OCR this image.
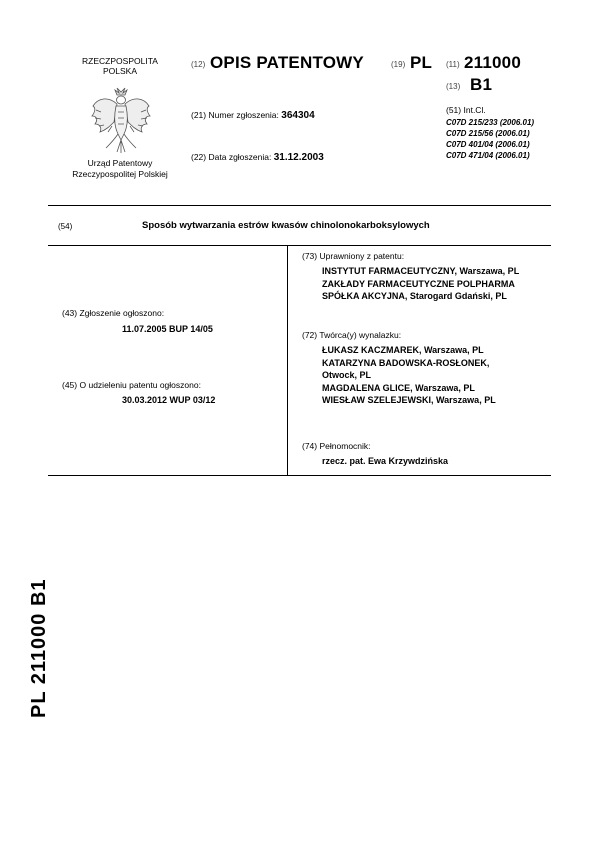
RZECZPOSPOLITA
POLSKA
Urząd Patentowy
Rzeczypospolitej Polskiej
(12) OPIS PATENTOWY	(19) PL (11) 211000
(13) B1
(21) Numer zgłoszenia: 364304
(22) Data zgłoszenia: 31.12.2003
(51) Int.Cl.
C07D 215/233 (2006.01)
C07D 215/56 (2006.01)
C07D 401/04 (2006.01)
C07D 471/04 (2006.01)
(54)	Sposób wytwarzania estrów kwasów chinolonokarboksylowych
(43) Zgłoszenie ogłoszono:
11.07.2005 BUP 14/05
(45) O udzieleniu patentu ogłoszono:
30.03.2012 WUP 03/12
(73) Uprawniony z patentu:
INSTYTUT FARMACEUTYCZNY, Warszawa, PL
ZAKŁADY FARMACEUTYCZNE POLPHARMA
SPÓŁKA AKCYJNA, Starogard Gdański, PL
(72) Twórca(y) wynalazku:
ŁUKASZ KACZMAREK, Warszawa, PL
KATARZYNA BADOWSKA-ROSŁONEK,
Otwock, PL
MAGDALENA GLICE, Warszawa, PL
WIESŁAW SZELEJEWSKI, Warszawa, PL
(74) Pełnomocnik:
rzecz. pat. Ewa Krzywdzińska
PL 211000 B1
